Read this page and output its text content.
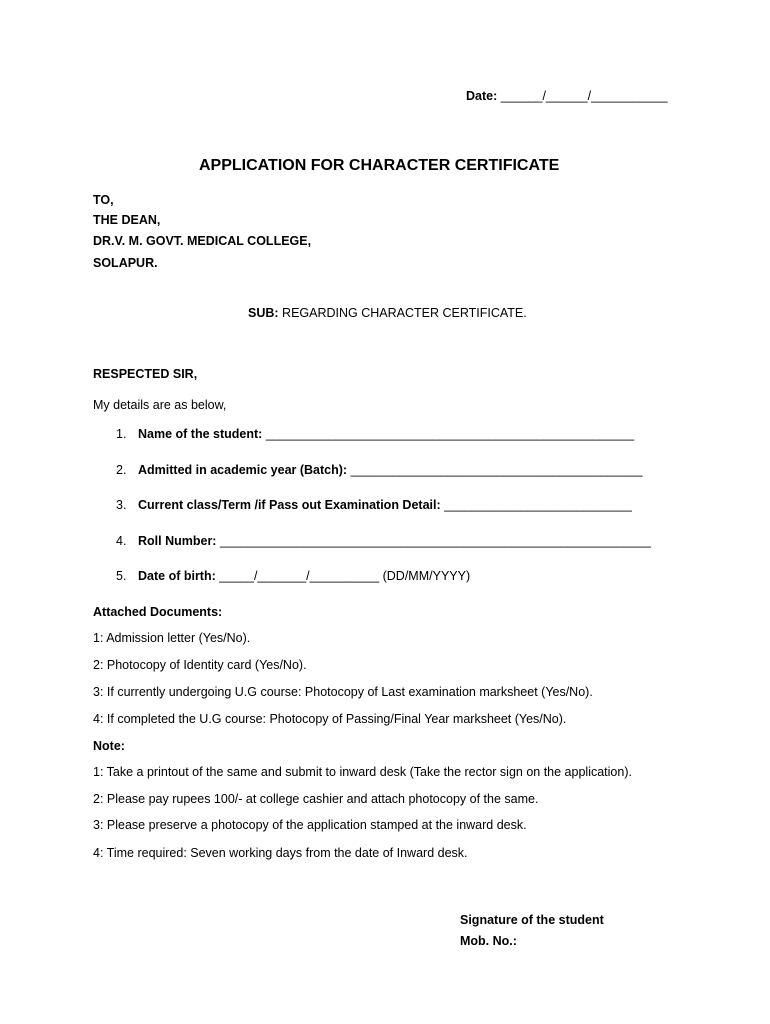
Date: ______/______/___________
APPLICATION FOR CHARACTER CERTIFICATE
TO,
THE DEAN,
DR.V. M. GOVT. MEDICAL COLLEGE,
SOLAPUR.
SUB: REGARDING CHARACTER CERTIFICATE.
RESPECTED SIR,
My details are as below,
1. Name of the student: _____________________________________________________
2. Admitted in academic year (Batch): __________________________________________
3. Current class/Term /if Pass out Examination Detail: ___________________________
4. Roll Number: ______________________________________________________________
5. Date of birth: _____/_______/__________ (DD/MM/YYYY)
Attached Documents:
1: Admission letter (Yes/No).
2: Photocopy of Identity card (Yes/No).
3: If currently undergoing U.G course: Photocopy of Last examination marksheet (Yes/No).
4: If completed the U.G course: Photocopy of Passing/Final Year marksheet (Yes/No).
Note:
1: Take a printout of the same and submit to inward desk (Take the rector sign on the application).
2: Please pay rupees 100/- at college cashier and attach photocopy of the same.
3: Please preserve a photocopy of the application stamped at the inward desk.
4: Time required: Seven working days from the date of Inward desk.
Signature of the student
Mob. No.:
